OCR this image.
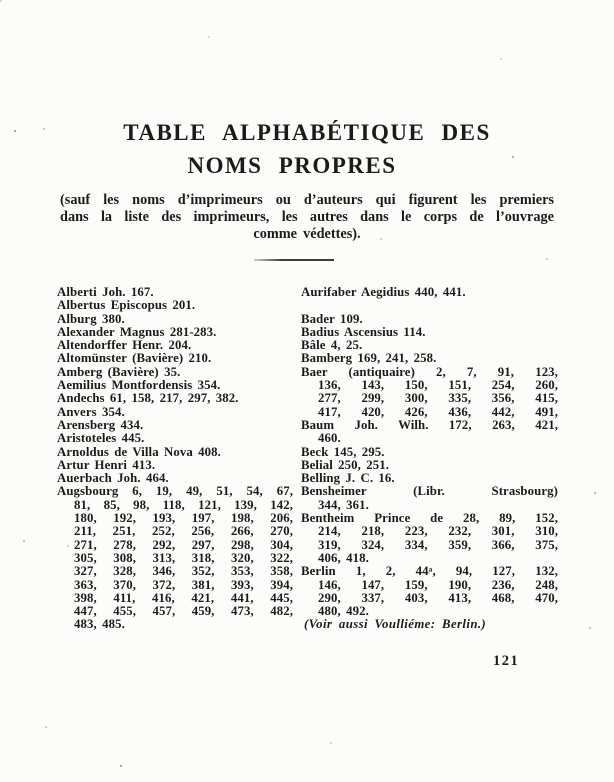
TABLE ALPHABÉTIQUE DES
NOMS PROPRES
(sauf les noms d’imprimeurs ou d’auteurs qui figurent les premiers
dans la liste des imprimeurs, les autres dans le corps de l’ouvrage
comme védettes).
Alberti Joh. 167.
Albertus Episcopus 201.
Alburg 380.
Alexander Magnus 281-283.
Altendorffer Henr. 204.
Altomünster (Bavière) 210.
Amberg (Bavière) 35.
Aemilius Montfordensis 354.
Andechs 61, 158, 217, 297, 382.
Anvers 354.
Arensberg 434.
Aristoteles 445.
Arnoldus de Villa Nova 408.
Artur Henri 413.
Auerbach Joh. 464.
Augsbourg 6, 19, 49, 51, 54, 67,
81, 85, 98, 118, 121, 139, 142,
180, 192, 193, 197, 198, 206,
211, 251, 252, 256, 266, 270,
271, 278, 292, 297, 298, 304,
305, 308, 313, 318, 320, 322,
327, 328, 346, 352, 353, 358,
363, 370, 372, 381, 393, 394,
398, 411, 416, 421, 441, 445,
447, 455, 457, 459, 473, 482,
483, 485.
Aurifaber Aegidius 440, 441.
Bader 109.
Badius Ascensius 114.
Bâle 4, 25.
Bamberg 169, 241, 258.
Baer (antiquaire) 2, 7, 91, 123,
136, 143, 150, 151, 254, 260,
277, 299, 300, 335, 356, 415,
417, 420, 426, 436, 442, 491,
Baum Joh. Wilh. 172, 263, 421,
460.
Beck 145, 295.
Belial 250, 251.
Belling J. C. 16.
Bensheimer (Libr. Strasbourg)
344, 361.
Bentheim Prince de 28, 89, 152,
214, 218, 223, 232, 301, 310,
319, 324, 334, 359, 366, 375,
406, 418.
Berlin 1, 2, 44ᵃ, 94, 127, 132,
146, 147, 159, 190, 236, 248,
290, 337, 403, 413, 468, 470,
480, 492.
(Voir aussi Voulliéme: Berlin.)
121
